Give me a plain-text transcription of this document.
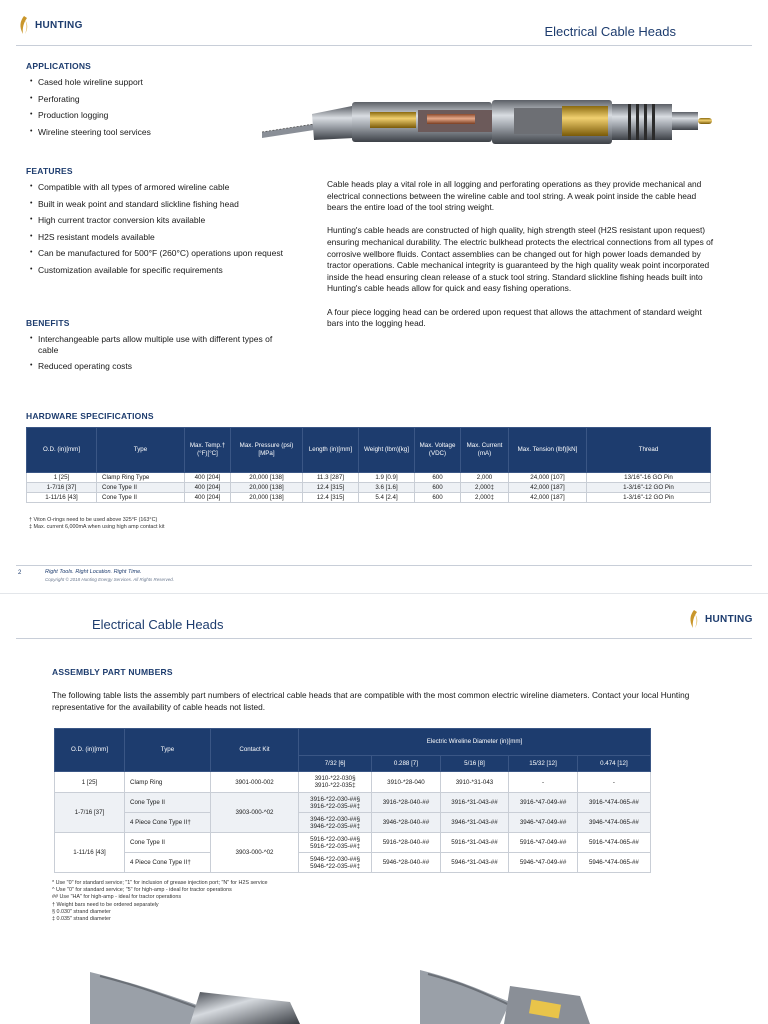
HUNTING	Electrical Cable Heads
APPLICATIONS
• Cased hole wireline support
• Perforating
• Production logging
• Wireline steering tool services
FEATURES
• Compatible with all types of armored wireline cable
• Built in weak point and standard slickline fishing head
• High current tractor conversion kits available
• H2S resistant models available
• Can be manufactured for 500°F (260°C) operations upon request
• Customization available for specific requirements
BENEFITS
• Interchangeable parts allow multiple use with different types of cable
• Reduced operating costs

Cable heads play a vital role in all logging and perforating operations as they provide mechanical and electrical connections between the wireline cable and tool string. A weak point inside the cable head bears the entire load of the tool string weight.

Hunting's cable heads are constructed of high quality, high strength steel (H2S resistant upon request) ensuring mechanical durability. The electric bulkhead protects the electrical connections from all types of corrosive wellbore fluids. Contact assemblies can be changed out for high power loads demanded by tractor operations. Cable mechanical integrity is guaranteed by the high quality weak point incorporated inside the head ensuring clean release of a stuck tool string. Standard slickline fishing heads built into Hunting's cable heads allow for quick and easy fishing operations.

A four piece logging head can be ordered upon request that allows the attachment of standard weight bars into the logging head.

HARDWARE SPECIFICATIONS
O.D. (in)[mm]	Type	Max. Temp.† (°F)[°C]	Max. Pressure (psi)[MPa]	Length (in)[mm]	Weight (lbm)[kg]	Max. Voltage (VDC)	Max. Current (mA)	Max. Tension (lbf)[kN]	Thread
1 [25]	Clamp Ring Type	400 [204]	20,000 [138]	11.3 [287]	1.9 [0.9]	600	2,000	24,000 [107]	13/16"-16 GO Pin
1-7/16 [37]	Cone Type II	400 [204]	20,000 [138]	12.4 [315]	3.6 [1.6]	600	2,000‡	42,000 [187]	1-3/16"-12 GO Pin
1-11/16 [43]	Cone Type II	400 [204]	20,000 [138]	12.4 [315]	5.4 [2.4]	600	2,000‡	42,000 [187]	1-3/16"-12 GO Pin
† Viton O-rings need to be used above 325°F (163°C)
‡ Max. current 6,000mA when using high amp contact kit
2	Right Tools. Right Location. Right Time.
Copyright © 2018 Hunting Energy Services. All Rights Reserved.
Electrical Cable Heads	HUNTING
ASSEMBLY PART NUMBERS
The following table lists the assembly part numbers of electrical cable heads that are compatible with the most common electric wireline diameters. Contact your local Hunting representative for the availability of cable heads not listed.
O.D. (in)[mm]	Type	Contact Kit	Electric Wireline Diameter (in)[mm]				
			7/32 [6]	0.288 [7]	5/16 [8]	15/32 [12]	0.474 [12]
1 [25]	Clamp Ring	3901-000-002	3910-*22-030§
3910-*22-035‡	3910-*28-040	3910-*31-043	-	-
1-7/16 [37]	Cone Type II	3903-000-^02	3916-*22-030-##§
3916-*22-035-##‡	3916-*28-040-##	3916-*31-043-##	3916-*47-049-##	3916-*474-065-##
	4 Piece Cone Type II†		3946-*22-030-##§
3946-*22-035-##‡	3946-*28-040-##	3946-*31-043-##	3946-*47-049-##	3946-*474-065-##
1-11/16 [43]	Cone Type II	3903-000-^02	5916-*22-030-##§
5916-*22-035-##‡	5916-*28-040-##	5916-*31-043-##	5916-*47-049-##	5916-*474-065-##
	4 Piece Cone Type II†		5946-*22-030-##§
5946-*22-035-##‡	5946-*28-040-##	5946-*31-043-##	5946-*47-049-##	5946-*474-065-##
* Use "0" for standard service; "1" for inclusion of grease injection port; "N" for H2S service
^ Use "0" for standard service; "5" for high-amp - ideal for tractor operations
## Use "HA" for high-amp - ideal for tractor operations
† Weight bars need to be ordered separately
§ 0.030" strand diameter
‡ 0.035" strand diameter
